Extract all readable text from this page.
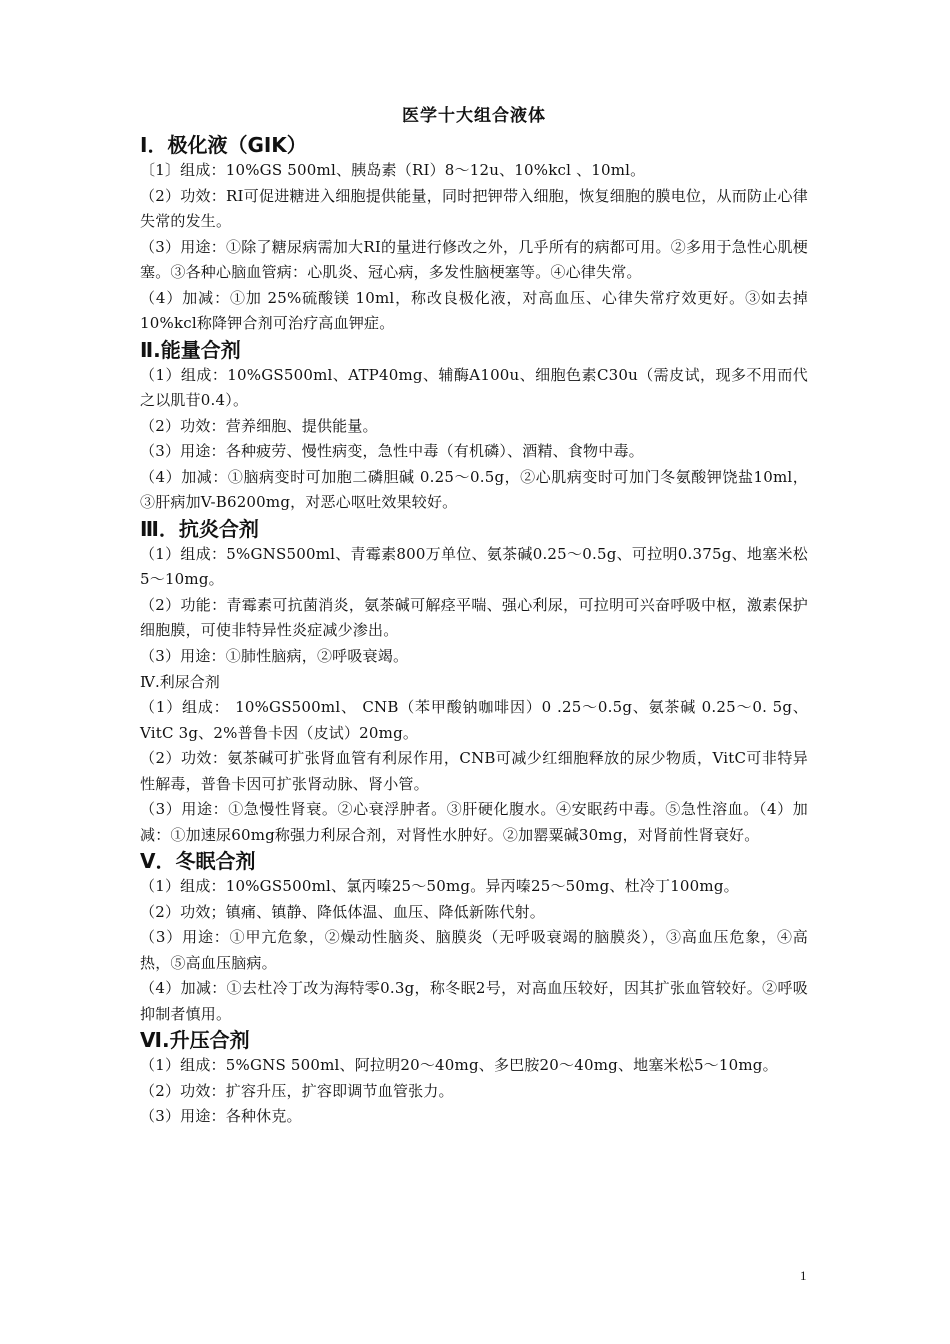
医学十大组合液体
Ⅰ．极化液（GIK）

〔1〕组成：10%GS 500ml、胰岛素（RI）8～12u、10%kcl 、10ml。

（2）功效：RI可促进糖进入细胞提供能量，同时把钾带入细胞，恢复细胞的膜电位，从而防止心律失常的发生。

（3）用途：①除了糖尿病需加大RI的量进行修改之外，几乎所有的病都可用。②多用于急性心肌梗塞。③各种心脑血管病：心肌炎、冠心病，多发性脑梗塞等。④心律失常。

（4）加减：①加 25%硫酸镁 10ml，称改良极化液，对高血压、心律失常疗效更好。③如去掉10%kcl称降钾合剂可治疗高血钾症。

Ⅱ.能量合剂

（1）组成：10%GS500ml、ATP40mg、辅酶A100u、细胞色素C30u（需皮试，现多不用而代之以肌苷0.4）。

（2）功效：营养细胞、提供能量。

（3）用途：各种疲劳、慢性病变，急性中毒（有机磷）、酒精、食物中毒。

（4）加减：①脑病变时可加胞二磷胆碱 0.25～0.5g，②心肌病变时可加门冬氨酸钾饶盐10ml，③肝病加V-B6200mg，对恶心呕吐效果较好。

Ⅲ．抗炎合剂

（1）组成：5%GNS500ml、青霉素800万单位、氨茶碱0.25～0.5g、可拉明0.375g、地塞米松5～10mg。

（2）功能：青霉素可抗菌消炎，氨茶碱可解痉平喘、强心利尿，可拉明可兴奋呼吸中枢，激素保护细胞膜，可使非特异性炎症减少渗出。

（3）用途：①肺性脑病，②呼吸衰竭。

Ⅳ.利尿合剂

（1）组成： 10%GS500ml、 CNB（苯甲酸钠咖啡因）0 .25～0.5g、氨茶碱 0.25～0. 5g、VitC 3g、2%普鲁卡因（皮试）20mg。

（2）功效：氨茶碱可扩张肾血管有利尿作用，CNB可减少红细胞释放的尿少物质，VitC可非特异性解毒，普鲁卡因可扩张肾动脉、肾小管。

（3）用途：①急慢性肾衰。②心衰浮肿者。③肝硬化腹水。④安眠药中毒。⑤急性溶血。（4）加减：①加速尿60mg称强力利尿合剂，对肾性水肿好。②加罂粟碱30mg，对肾前性肾衰好。

Ⅴ．冬眠合剂

（1）组成：10%GS500ml、氯丙嗪25～50mg。异丙嗪25～50mg、杜冷丁100mg。

（2）功效；镇痛、镇静、降低体温、血压、降低新陈代射。

（3）用途：①甲亢危象，②燥动性脑炎、脑膜炎（无呼吸衰竭的脑膜炎），③高血压危象，④高热，⑤高血压脑病。

（4）加减：①去杜冷丁改为海特零0.3g，称冬眠2号，对高血压较好，因其扩张血管较好。②呼吸抑制者慎用。

Ⅵ.升压合剂

（1）组成：5%GNS 500ml、阿拉明20～40mg、多巴胺20～40mg、地塞米松5～10mg。

（2）功效：扩容升压，扩容即调节血管张力。

（3）用途：各种休克。

1
